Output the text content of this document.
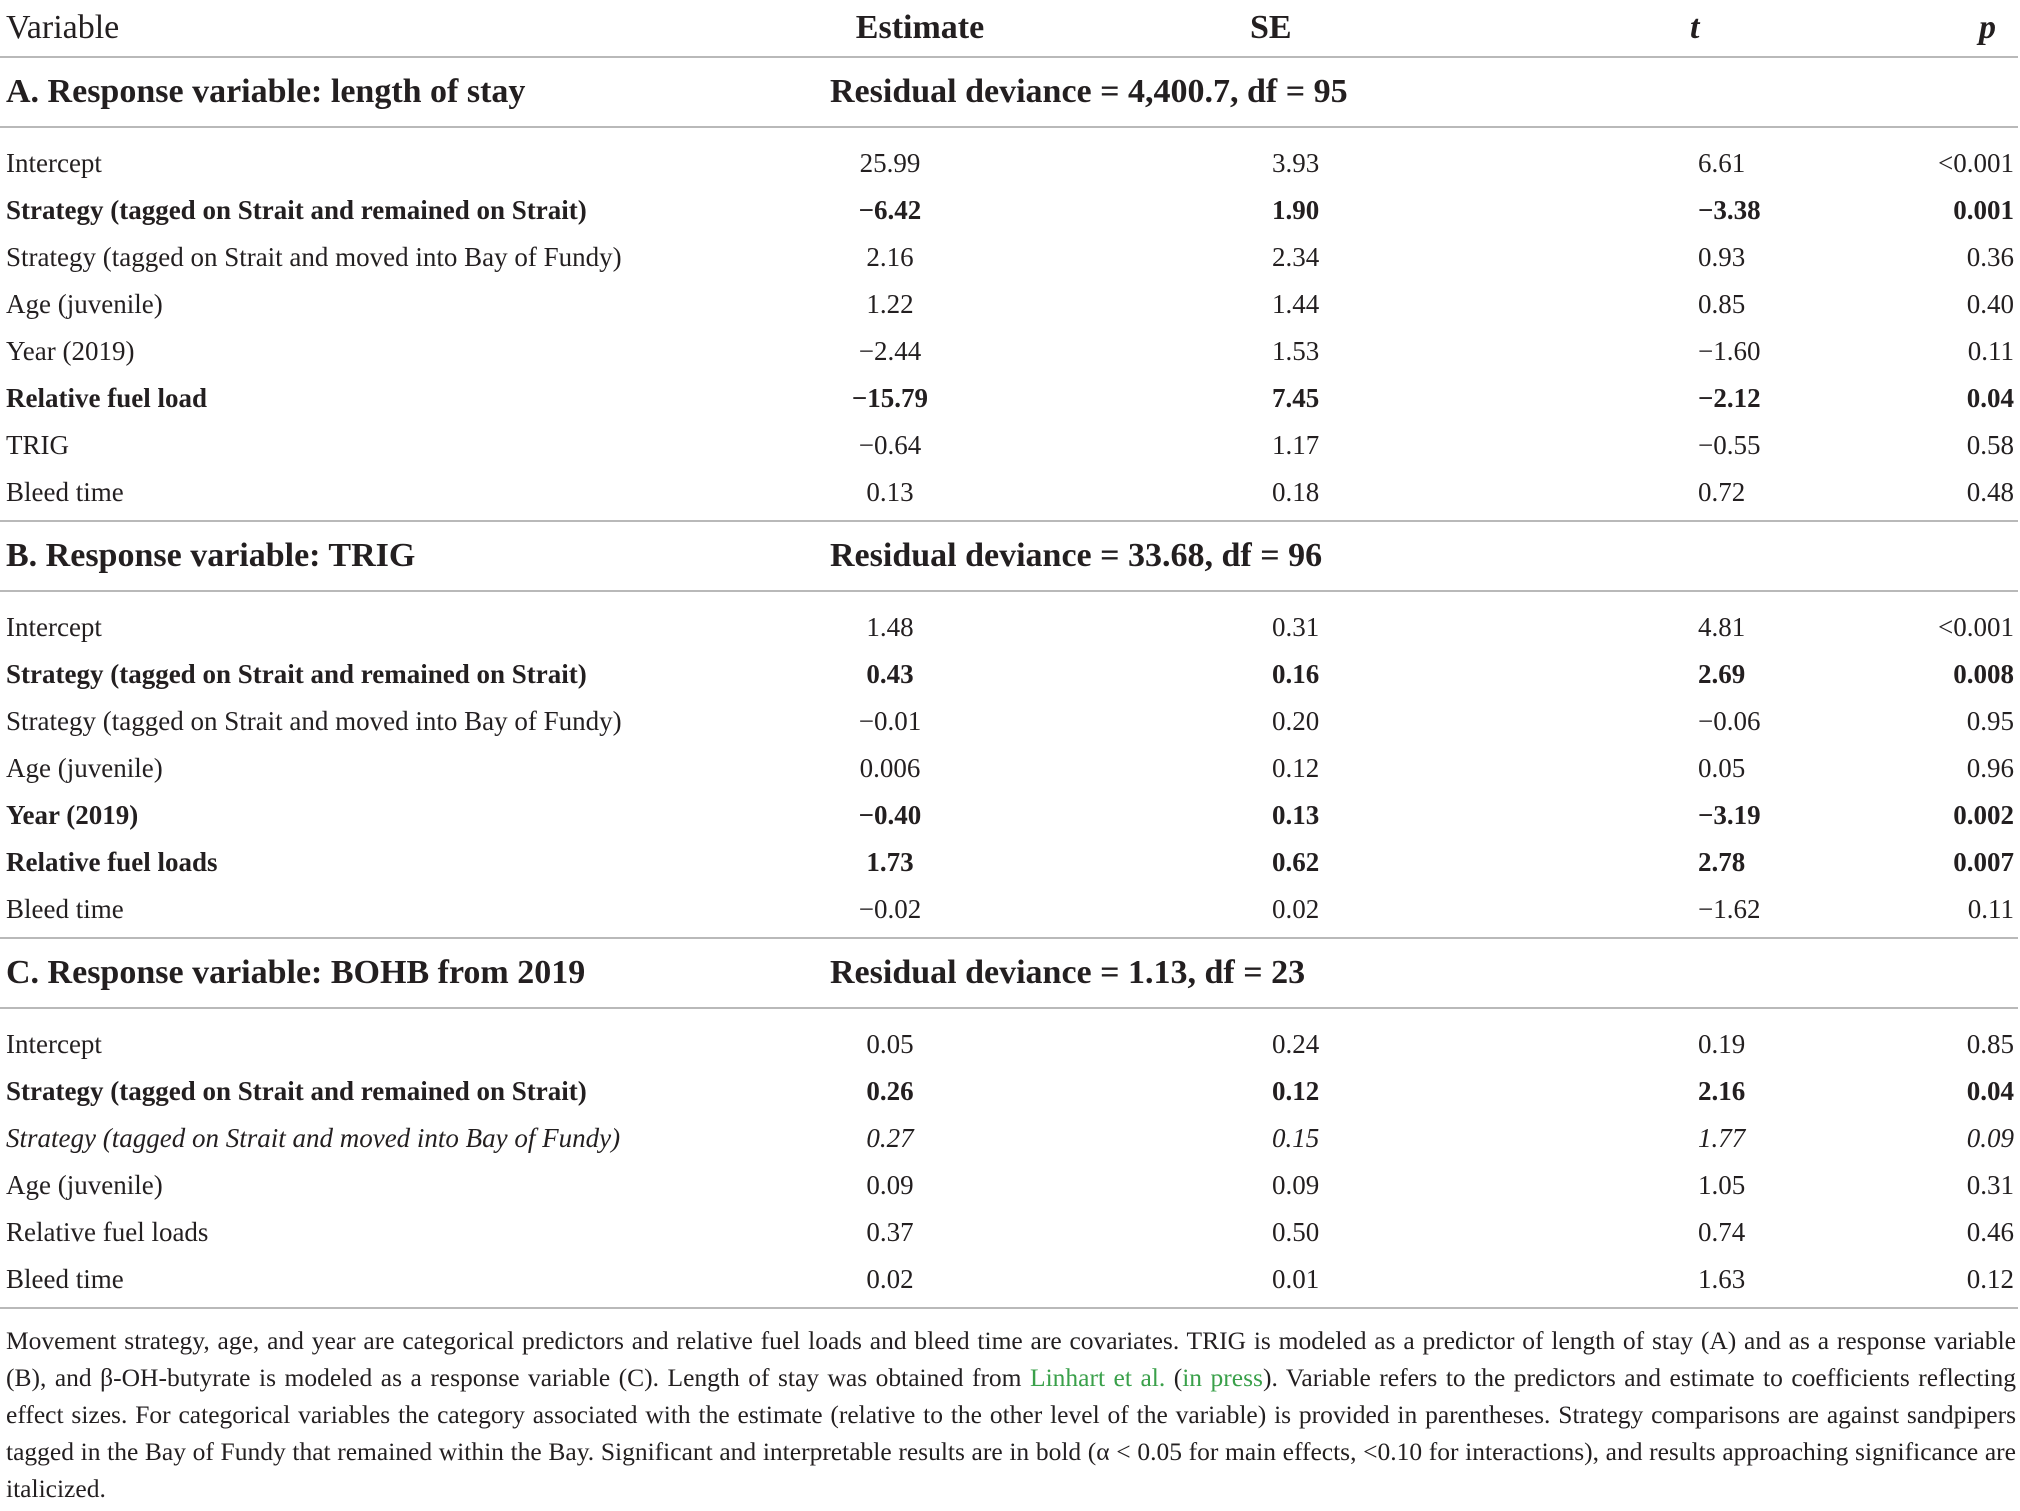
Variable	Estimate	SE	t	p
A. Response variable: length of stay	Residual deviance = 4,400.7, df = 95			
Intercept	25.99	3.93	6.61	<0.001
Strategy (tagged on Strait and remained on Strait)	−6.42	1.90	−3.38	0.001
Strategy (tagged on Strait and moved into Bay of Fundy)	2.16	2.34	0.93	0.36
Age (juvenile)	1.22	1.44	0.85	0.40
Year (2019)	−2.44	1.53	−1.60	0.11
Relative fuel load	−15.79	7.45	−2.12	0.04
TRIG	−0.64	1.17	−0.55	0.58
Bleed time	0.13	0.18	0.72	0.48
B. Response variable: TRIG	Residual deviance = 33.68, df = 96			
Intercept	1.48	0.31	4.81	<0.001
Strategy (tagged on Strait and remained on Strait)	0.43	0.16	2.69	0.008
Strategy (tagged on Strait and moved into Bay of Fundy)	−0.01	0.20	−0.06	0.95
Age (juvenile)	0.006	0.12	0.05	0.96
Year (2019)	−0.40	0.13	−3.19	0.002
Relative fuel loads	1.73	0.62	2.78	0.007
Bleed time	−0.02	0.02	−1.62	0.11
C. Response variable: BOHB from 2019	Residual deviance = 1.13, df = 23			
Intercept	0.05	0.24	0.19	0.85
Strategy (tagged on Strait and remained on Strait)	0.26	0.12	2.16	0.04
Strategy (tagged on Strait and moved into Bay of Fundy)	0.27	0.15	1.77	0.09
Age (juvenile)	0.09	0.09	1.05	0.31
Relative fuel loads	0.37	0.50	0.74	0.46
Bleed time	0.02	0.01	1.63	0.12
Movement strategy, age, and year are categorical predictors and relative fuel loads and bleed time are covariates. TRIG is modeled as a predictor of length of stay (A) and as a response variable (B), and β-OH-butyrate is modeled as a response variable (C). Length of stay was obtained from Linhart et al. (in press). Variable refers to the predictors and estimate to coefficients reflecting effect sizes. For categorical variables the category associated with the estimate (relative to the other level of the variable) is provided in parentheses. Strategy comparisons are against sandpipers tagged in the Bay of Fundy that remained within the Bay. Significant and interpretable results are in bold (α < 0.05 for main effects, <0.10 for interactions), and results approaching significance are italicized.
